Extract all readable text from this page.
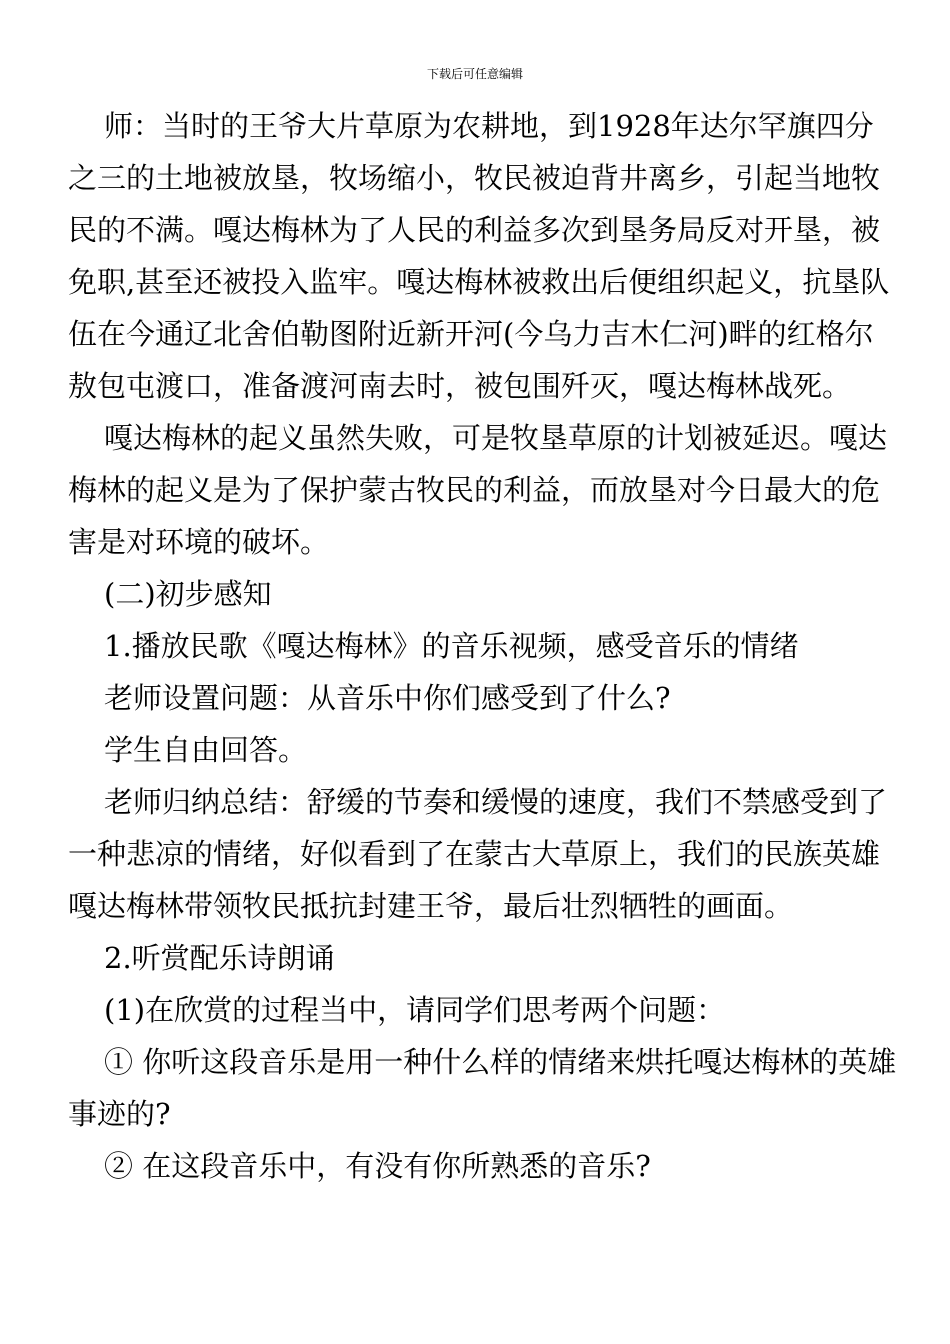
下载后可任意编辑

师：当时的王爷大片草原为农耕地，到1928年达尔罕旗四分之三的土地被放垦，牧场缩小，牧民被迫背井离乡，引起当地牧民的不满。嘎达梅林为了人民的利益多次到垦务局反对开垦，被免职,甚至还被投入监牢。嘎达梅林被救出后便组织起义，抗垦队伍在今通辽北舍伯勒图附近新开河(今乌力吉木仁河)畔的红格尔敖包屯渡口，准备渡河南去时，被包围歼灭，嘎达梅林战死。

嘎达梅林的起义虽然失败，可是牧垦草原的计划被延迟。嘎达梅林的起义是为了保护蒙古牧民的利益，而放垦对今日最大的危害是对环境的破坏。

(二)初步感知

1.播放民歌《嘎达梅林》的音乐视频，感受音乐的情绪

老师设置问题：从音乐中你们感受到了什么?

学生自由回答。

老师归纳总结：舒缓的节奏和缓慢的速度，我们不禁感受到了一种悲凉的情绪，好似看到了在蒙古大草原上，我们的民族英雄嘎达梅林带领牧民抵抗封建王爷，最后壮烈牺牲的画面。

2.听赏配乐诗朗诵

(1)在欣赏的过程当中，请同学们思考两个问题：

① 你听这段音乐是用一种什么样的情绪来烘托嘎达梅林的英雄事迹的?

② 在这段音乐中，有没有你所熟悉的音乐?
